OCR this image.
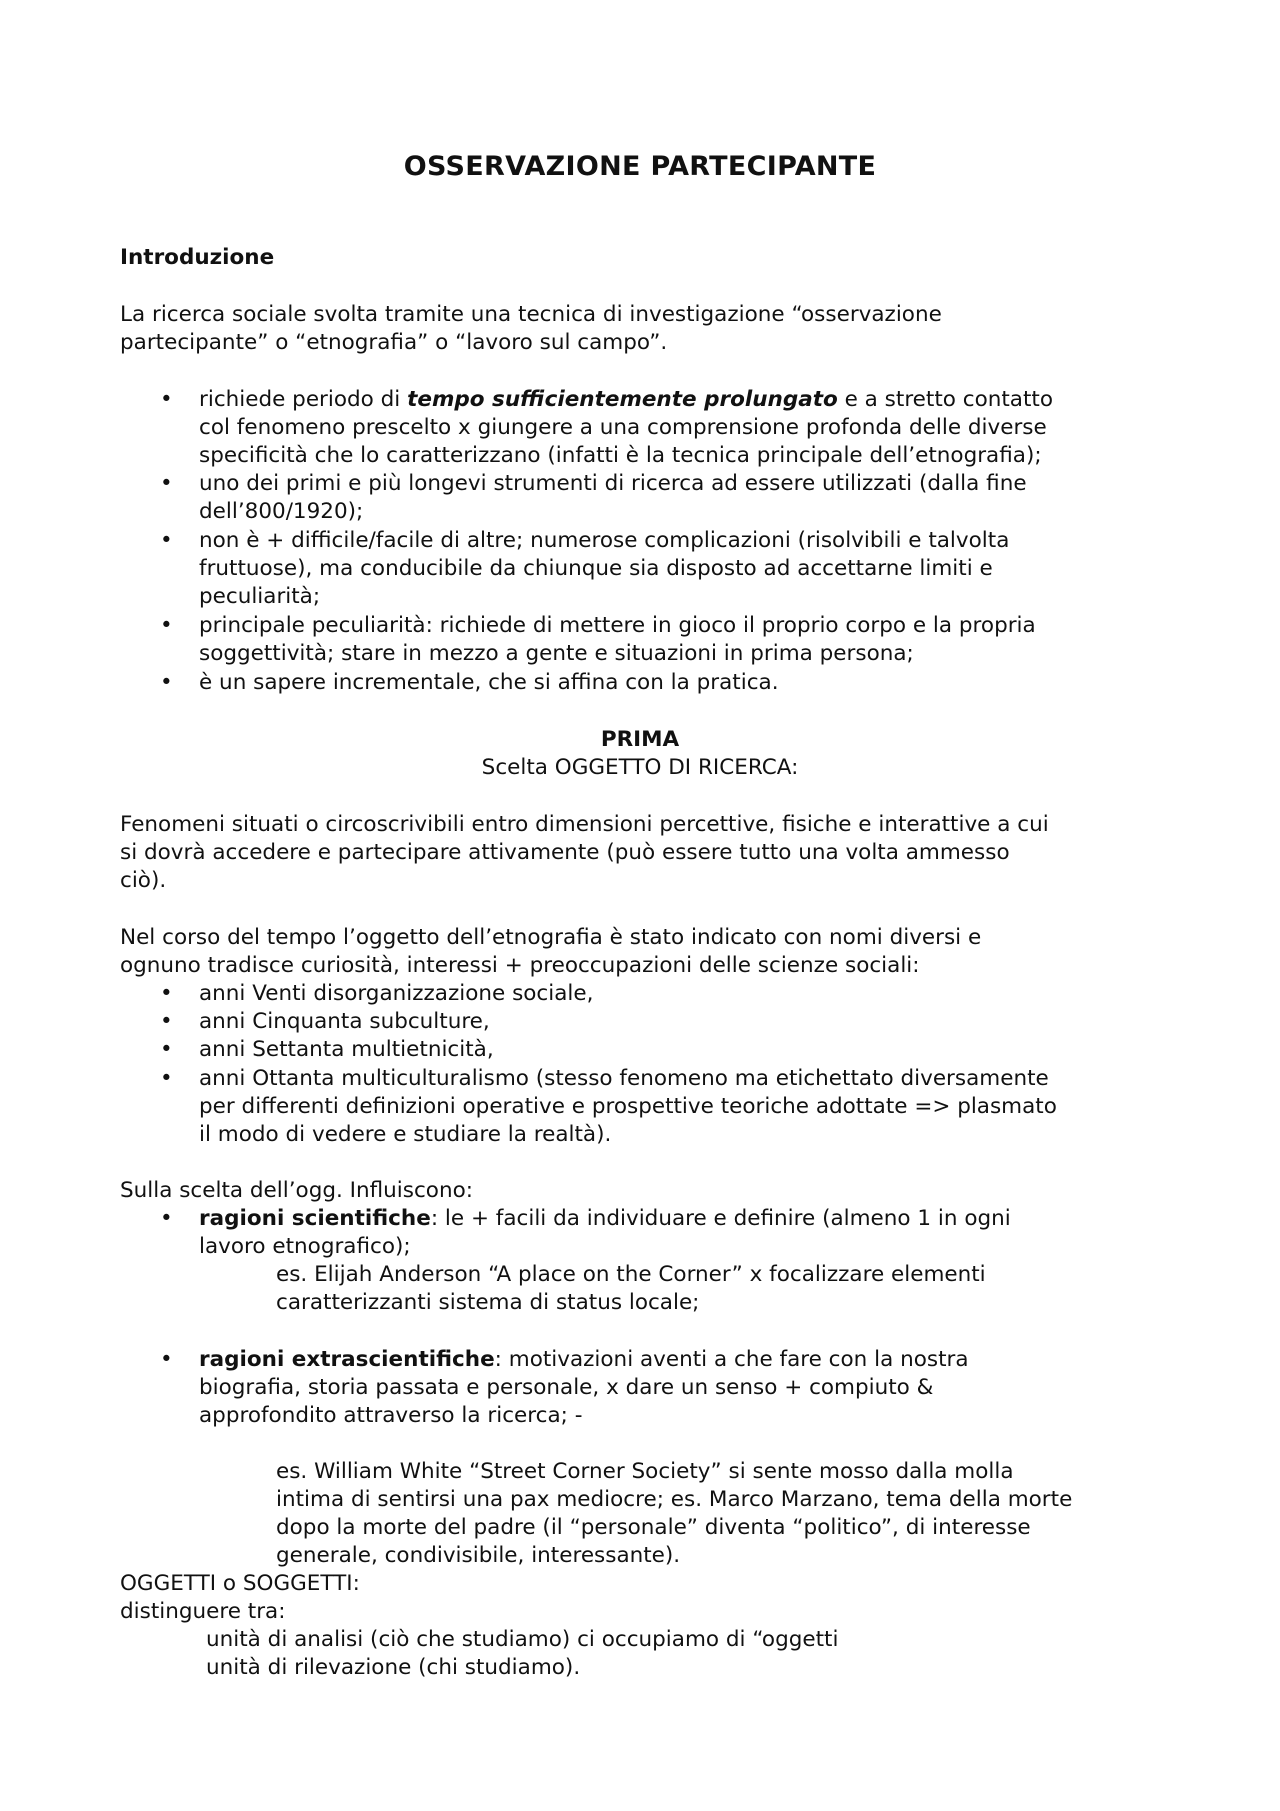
OSSERVAZIONE PARTECIPANTE
Introduzione
La ricerca sociale svolta tramite una tecnica di investigazione “osservazione
partecipante” o “etnografia” o “lavoro sul campo”.
•	richiede periodo di tempo sufficientemente prolungato e a stretto contatto
col fenomeno prescelto x giungere a una comprensione profonda delle diverse
specificità che lo caratterizzano (infatti è la tecnica principale dell’etnografia);
•	uno dei primi e più longevi strumenti di ricerca ad essere utilizzati (dalla fine
dell’800/1920);
•	non è + difficile/facile di altre; numerose complicazioni (risolvibili e talvolta
fruttuose), ma conducibile da chiunque sia disposto ad accettarne limiti e
peculiarità;
•	principale peculiarità: richiede di mettere in gioco il proprio corpo e la propria
soggettività; stare in mezzo a gente e situazioni in prima persona;
•	è un sapere incrementale, che si affina con la pratica.
PRIMA
Scelta OGGETTO DI RICERCA:
Fenomeni situati o circoscrivibili entro dimensioni percettive, fisiche e interattive a cui
si dovrà accedere e partecipare attivamente (può essere tutto una volta ammesso
ciò).
Nel corso del tempo l’oggetto dell’etnografia è stato indicato con nomi diversi e
ognuno tradisce curiosità, interessi + preoccupazioni delle scienze sociali:
•	anni Venti disorganizzazione sociale,
•	anni Cinquanta subculture,
•	anni Settanta multietnicità,
•	anni Ottanta multiculturalismo (stesso fenomeno ma etichettato diversamente
per differenti definizioni operative e prospettive teoriche adottate => plasmato
il modo di vedere e studiare la realtà).
Sulla scelta dell’ogg. Influiscono:
•	ragioni scientifiche: le + facili da individuare e definire (almeno 1 in ogni
lavoro etnografico);
es. Elijah Anderson “A place on the Corner” x focalizzare elementi
caratterizzanti sistema di status locale;
•	ragioni extrascientifiche: motivazioni aventi a che fare con la nostra
biografia, storia passata e personale, x dare un senso + compiuto &
approfondito attraverso la ricerca; -
es. William White “Street Corner Society” si sente mosso dalla molla
intima di sentirsi una pax mediocre; es. Marco Marzano, tema della morte
dopo la morte del padre (il “personale” diventa “politico”, di interesse
generale, condivisibile, interessante).
OGGETTI o SOGGETTI:
distinguere tra:
unità di analisi (ciò che studiamo) ci occupiamo di “oggetti
unità di rilevazione (chi studiamo).
